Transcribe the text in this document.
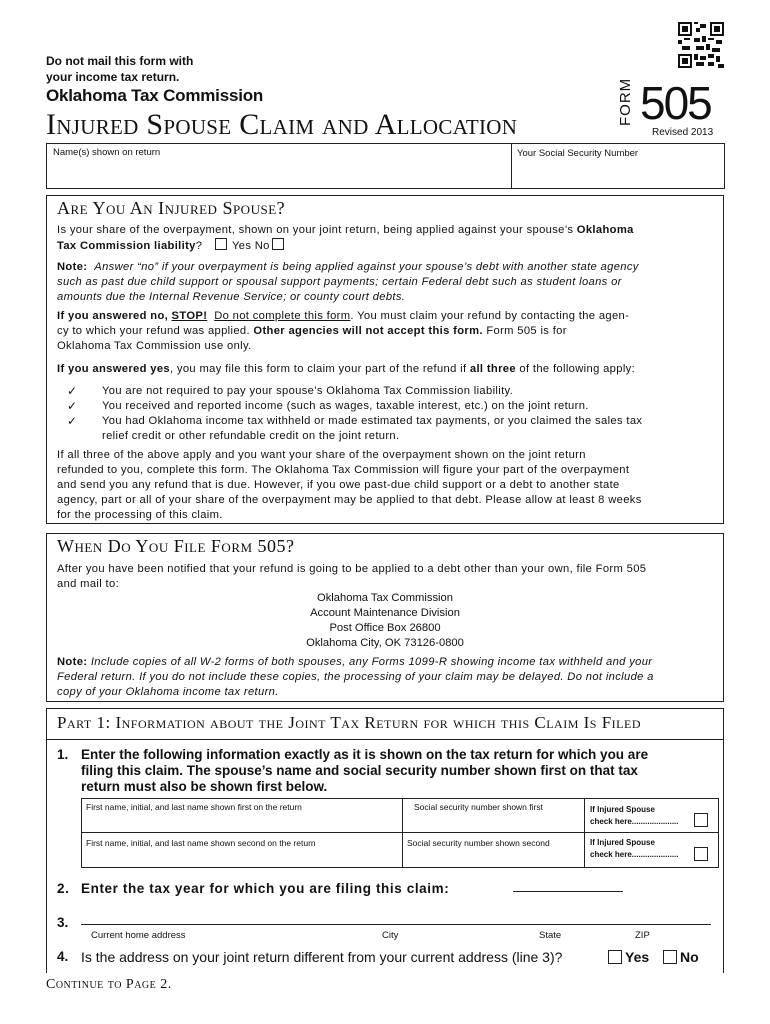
Do not mail this form with
your income tax return.
Oklahoma Tax Commission
Injured Spouse Claim and Allocation	FORM 505
Revised 2013
Name(s) shown on return	Your Social Security Number
Are You An Injured Spouse?
Is your share of the overpayment, shown on your joint return, being applied against your spouse’s Oklahoma
Tax Commission liability?	Yes No
Note: Answer “no” if your overpayment is being applied against your spouse’s debt with another state agency
such as past due child support or spousal support payments; certain Federal debt such as student loans or
amounts due the Internal Revenue Service; or county court debts.
If you answered no, STOP! Do not complete this form. You must claim your refund by contacting the agen-
cy to which your refund was applied. Other agencies will not accept this form. Form 505 is for
Oklahoma Tax Commission use only.
If you answered yes, you may file this form to claim your part of the refund if all three of the following apply:
✓ You are not required to pay your spouse’s Oklahoma Tax Commission liability.
✓ You received and reported income (such as wages, taxable interest, etc.) on the joint return.
✓ You had Oklahoma income tax withheld or made estimated tax payments, or you claimed the sales tax
relief credit or other refundable credit on the joint return.
If all three of the above apply and you want your share of the overpayment shown on the joint return
refunded to you, complete this form. The Oklahoma Tax Commission will figure your part of the overpayment
and send you any refund that is due. However, if you owe past-due child support or a debt to another state
agency, part or all of your share of the overpayment may be applied to that debt. Please allow at least 8 weeks
for the processing of this claim.
When Do You File Form 505?
After you have been notified that your refund is going to be applied to a debt other than your own, file Form 505
and mail to:
Oklahoma Tax Commission
Account Maintenance Division
Post Office Box 26800
Oklahoma City, OK 73126-0800
Note: Include copies of all W-2 forms of both spouses, any Forms 1099-R showing income tax withheld and your
Federal return. If you do not include these copies, the processing of your claim may be delayed. Do not include a
copy of your Oklahoma income tax return.
Part 1: Information about the Joint Tax Return for which this Claim Is Filed
1. Enter the following information exactly as it is shown on the tax return for which you are
filing this claim. The spouse’s name and social security number shown first on that tax
return must also be shown first below.
First name, initial, and last name shown first on the return	Social security number shown first	If Injured Spouse
check here.....................
First name, initial, and last name shown second on the return	Social security number shown second	If Injured Spouse
check here.....................
2. Enter the tax year for which you are filing this claim:
3.
Current home address	City	State	ZIP
4. Is the address on your joint return different from your current address (line 3)?	Yes No
Continue to Page 2.
